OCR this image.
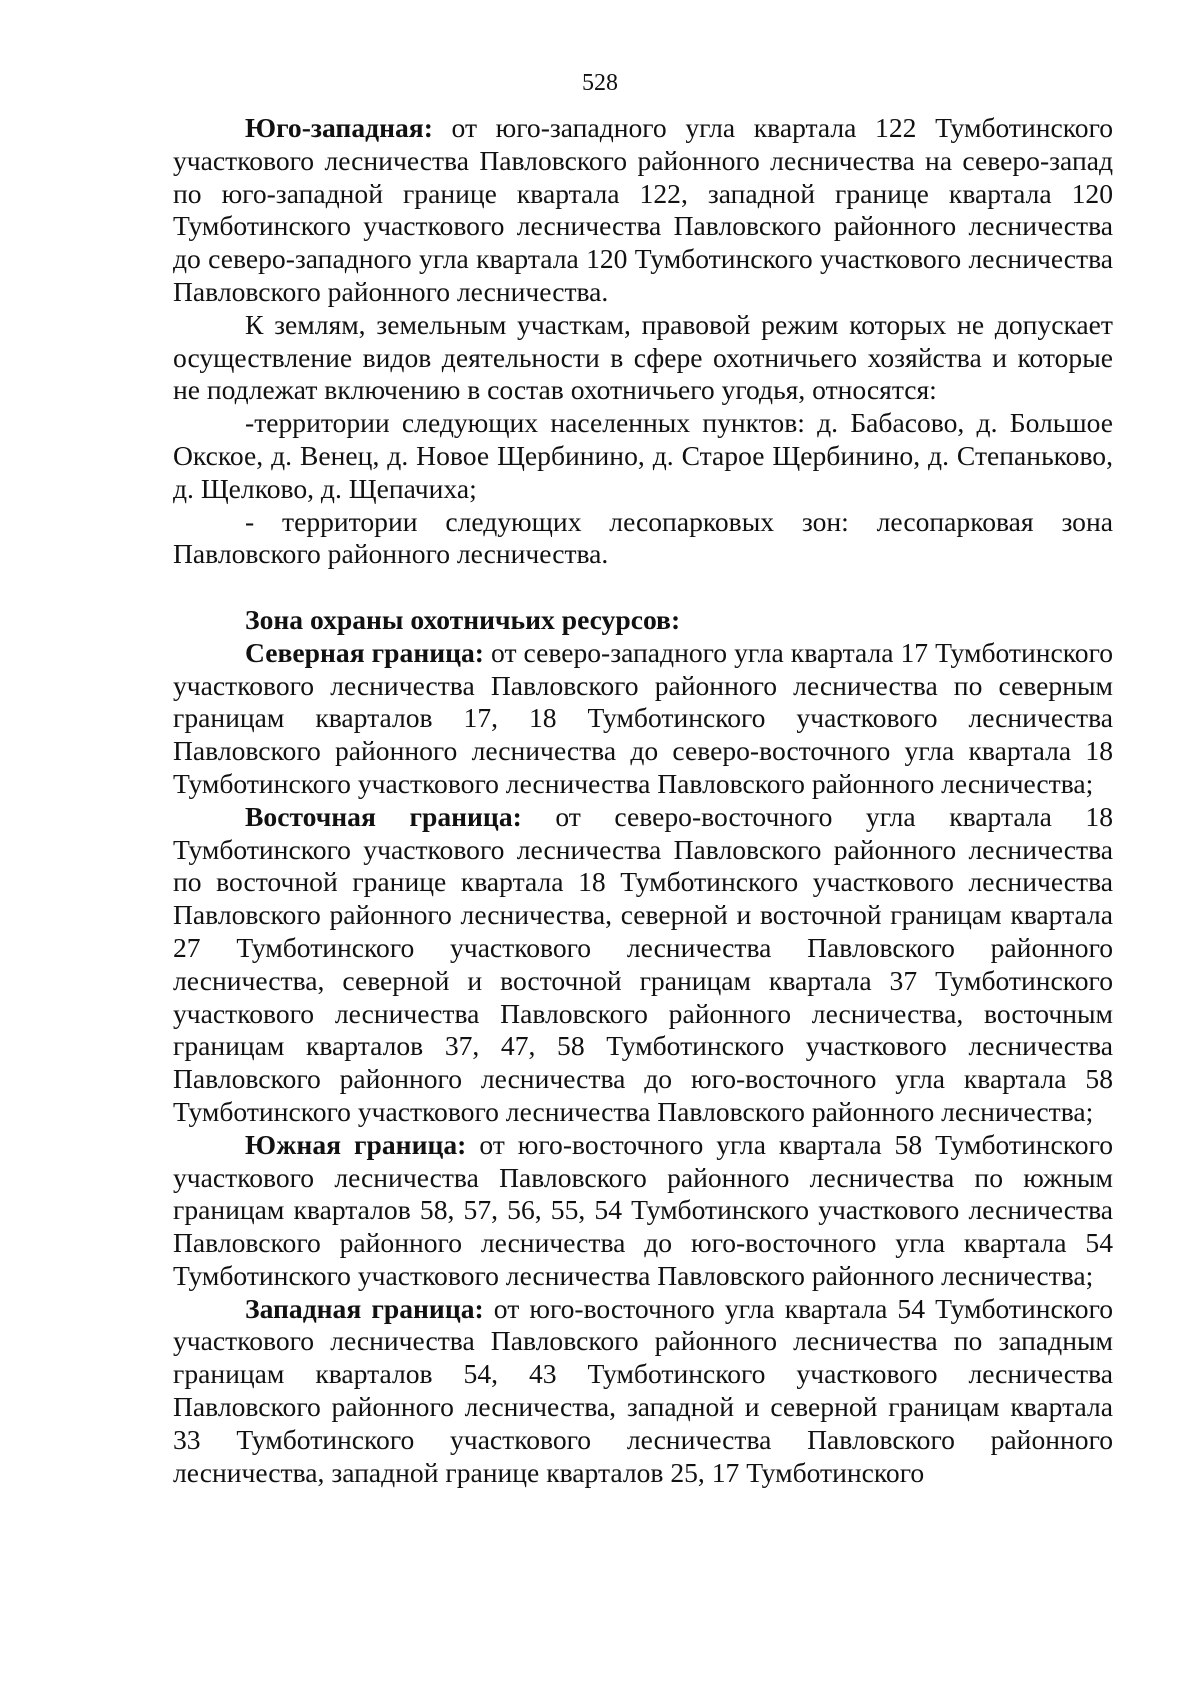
528

Юго-западная: от юго-западного угла квартала 122 Тумботинского участкового лесничества Павловского районного лесничества на северо-запад по юго-западной границе квартала 122, западной границе квартала 120 Тумботинского участкового лесничества Павловского районного лесничества до северо-западного угла квартала 120 Тумботинского участкового лесничества Павловского районного лесничества.

К землям, земельным участкам, правовой режим которых не допускает осуществление видов деятельности в сфере охотничьего хозяйства и которые не подлежат включению в состав охотничьего угодья, относятся:

-территории следующих населенных пунктов: д. Бабасово, д. Большое Окское, д. Венец, д. Новое Щербинино, д. Старое Щербинино, д. Степаньково, д. Щелково, д. Щепачиха;

- территории следующих лесопарковых зон: лесопарковая зона Павловского районного лесничества.

Зона охраны охотничьих ресурсов:

Северная граница: от северо-западного угла квартала 17 Тумботинского участкового лесничества Павловского районного лесничества по северным границам кварталов 17, 18 Тумботинского участкового лесничества Павловского районного лесничества до северо-восточного угла квартала 18 Тумботинского участкового лесничества Павловского районного лесничества;

Восточная граница: от северо-восточного угла квартала 18 Тумботинского участкового лесничества Павловского районного лесничества по восточной границе квартала 18 Тумботинского участкового лесничества Павловского районного лесничества, северной и восточной границам квартала 27 Тумботинского участкового лесничества Павловского районного лесничества, северной и восточной границам квартала 37 Тумботинского участкового лесничества Павловского районного лесничества, восточным границам кварталов 37, 47, 58 Тумботинского участкового лесничества Павловского районного лесничества до юго-восточного угла квартала 58 Тумботинского участкового лесничества Павловского районного лесничества;

Южная граница: от юго-восточного угла квартала 58 Тумботинского участкового лесничества Павловского районного лесничества по южным границам кварталов 58, 57, 56, 55, 54 Тумботинского участкового лесничества Павловского районного лесничества до юго-восточного угла квартала 54 Тумботинского участкового лесничества Павловского районного лесничества;

Западная граница: от юго-восточного угла квартала 54 Тумботинского участкового лесничества Павловского районного лесничества по западным границам кварталов 54, 43 Тумботинского участкового лесничества Павловского районного лесничества, западной и северной границам квартала 33 Тумботинского участкового лесничества Павловского районного лесничества, западной границе кварталов 25, 17 Тумботинского
